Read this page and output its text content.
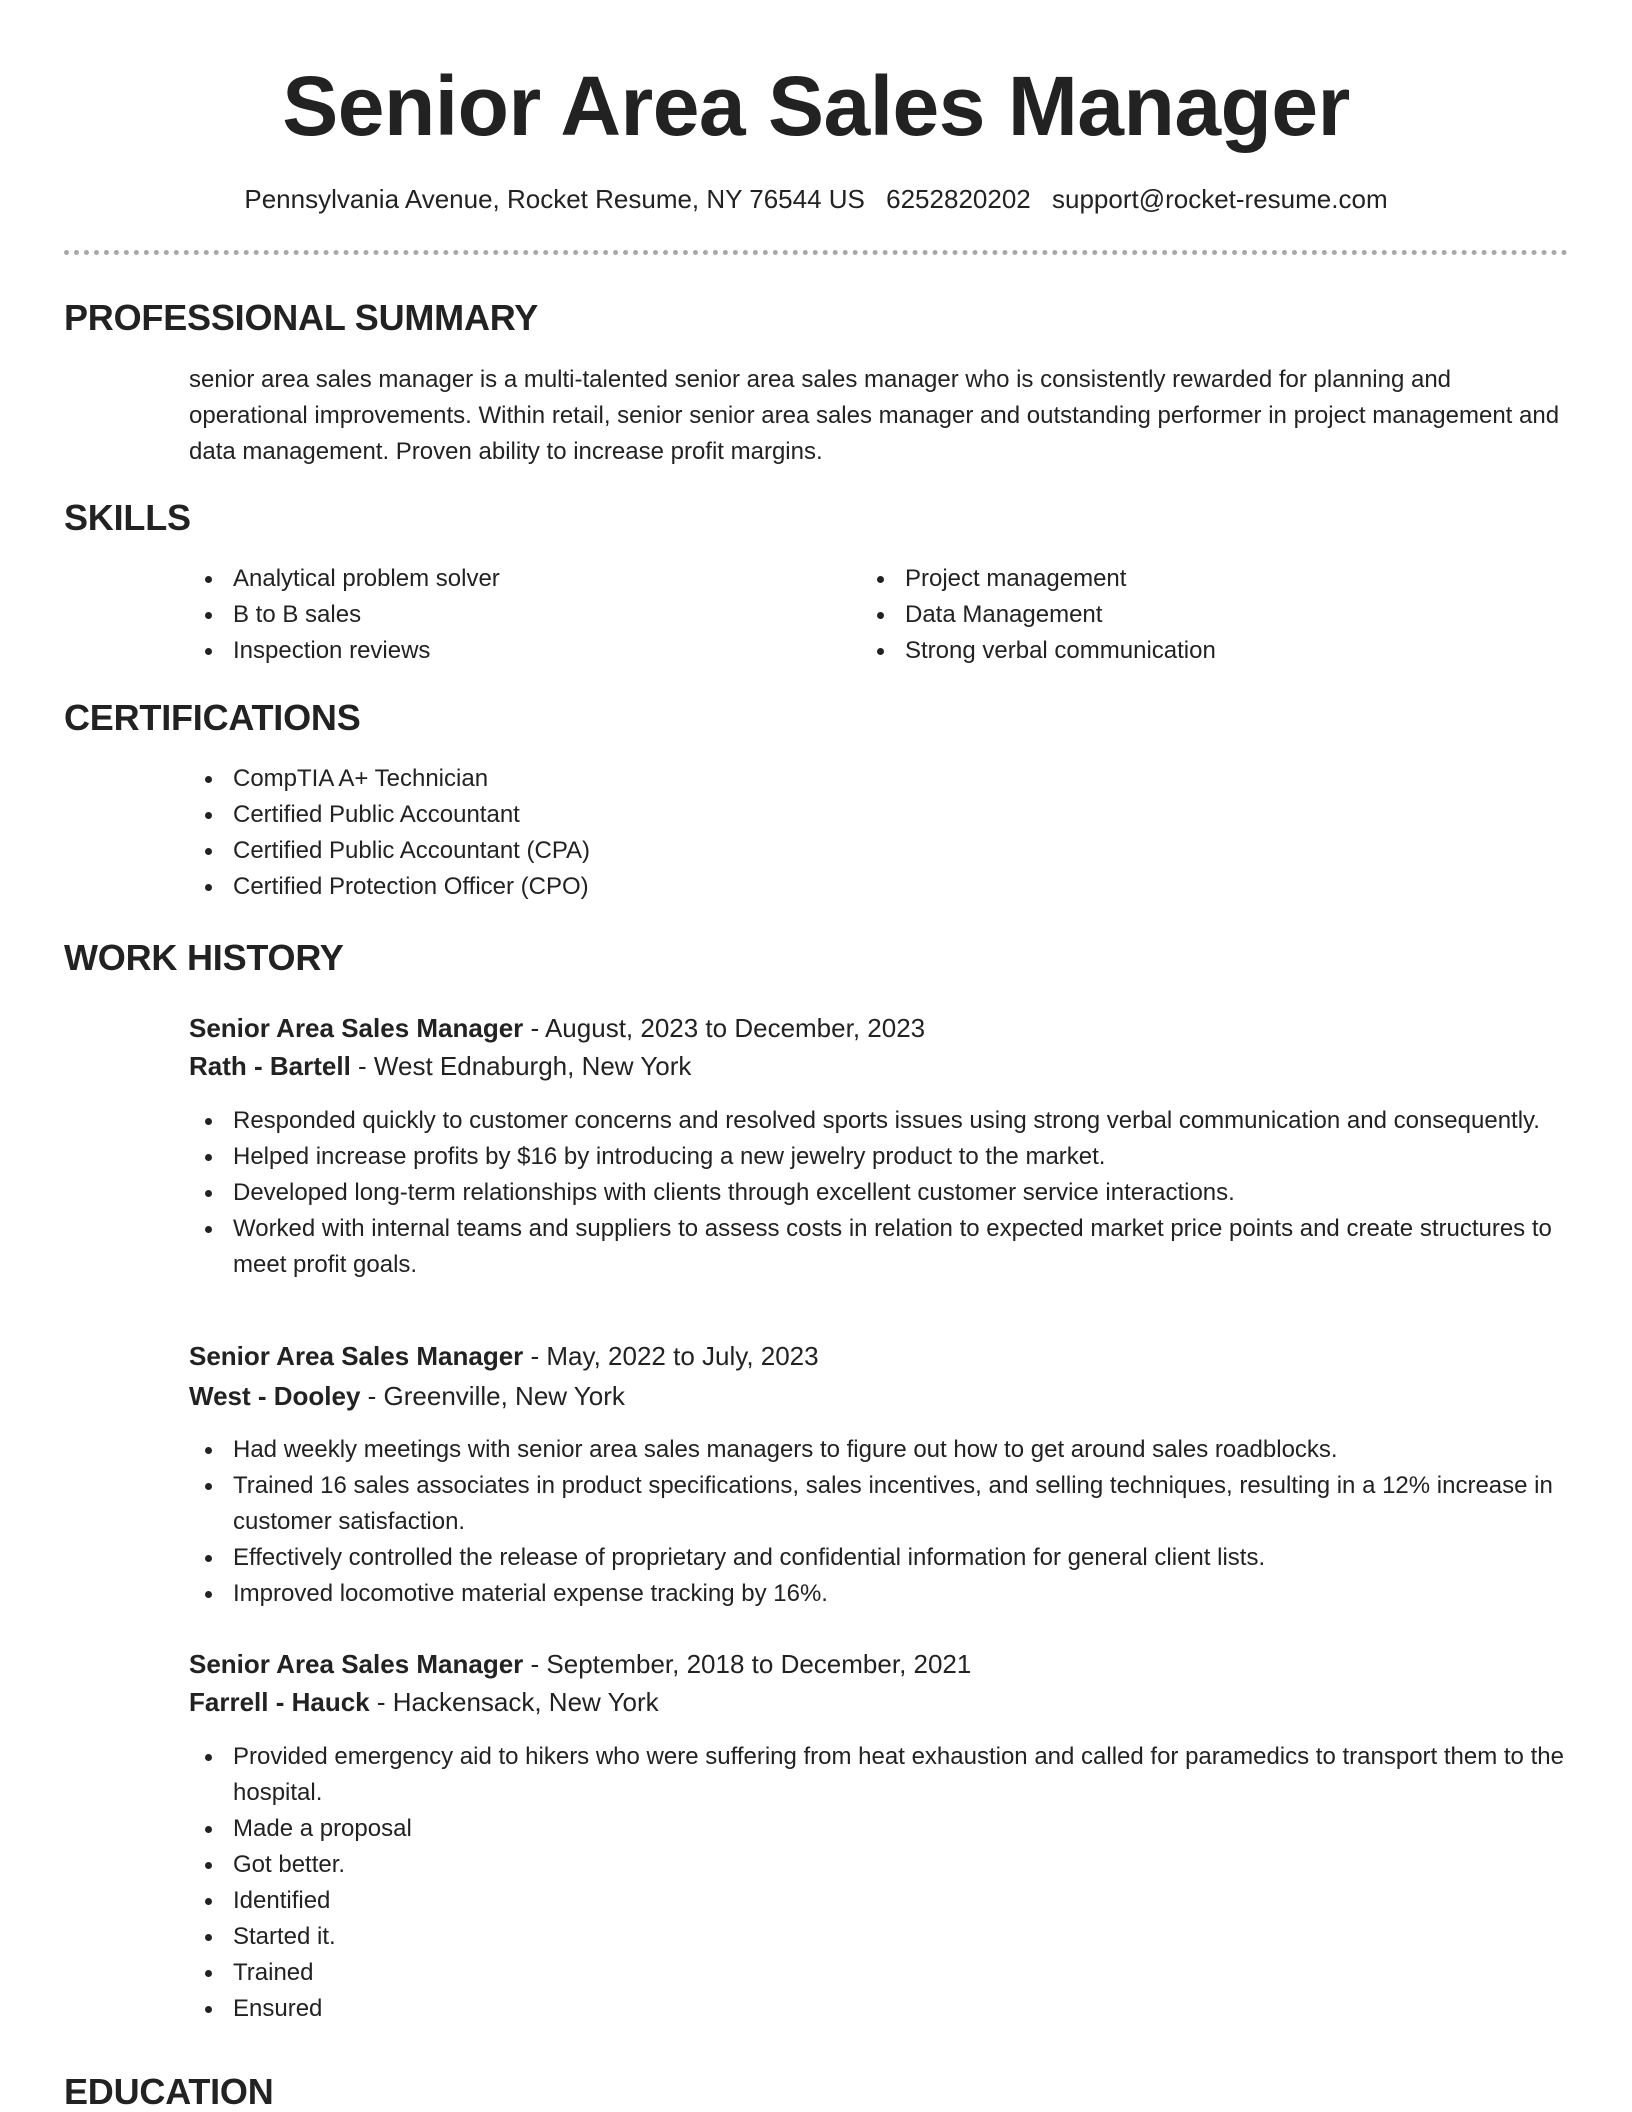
Senior Area Sales Manager
Pennsylvania Avenue, Rocket Resume, NY 76544 US 6252820202 support@rocket-resume.com
PROFESSIONAL SUMMARY
senior area sales manager is a multi-talented senior area sales manager who is consistently rewarded for planning and operational improvements. Within retail, senior senior area sales manager and outstanding performer in project management and data management. Proven ability to increase profit margins.
SKILLS
Analytical problem solver
B to B sales
Inspection reviews
Project management
Data Management
Strong verbal communication
CERTIFICATIONS
CompTIA A+ Technician
Certified Public Accountant
Certified Public Accountant (CPA)
Certified Protection Officer (CPO)
WORK HISTORY
Senior Area Sales Manager - August, 2023 to December, 2023
Rath - Bartell - West Ednaburgh, New York
Responded quickly to customer concerns and resolved sports issues using strong verbal communication and consequently.
Helped increase profits by $16 by introducing a new jewelry product to the market.
Developed long-term relationships with clients through excellent customer service interactions.
Worked with internal teams and suppliers to assess costs in relation to expected market price points and create structures to meet profit goals.
Senior Area Sales Manager - May, 2022 to July, 2023
West - Dooley - Greenville, New York
Had weekly meetings with senior area sales managers to figure out how to get around sales roadblocks.
Trained 16 sales associates in product specifications, sales incentives, and selling techniques, resulting in a 12% increase in customer satisfaction.
Effectively controlled the release of proprietary and confidential information for general client lists.
Improved locomotive material expense tracking by 16%.
Senior Area Sales Manager - September, 2018 to December, 2021
Farrell - Hauck - Hackensack, New York
Provided emergency aid to hikers who were suffering from heat exhaustion and called for paramedics to transport them to the hospital.
Made a proposal
Got better.
Identified
Started it.
Trained
Ensured
EDUCATION
